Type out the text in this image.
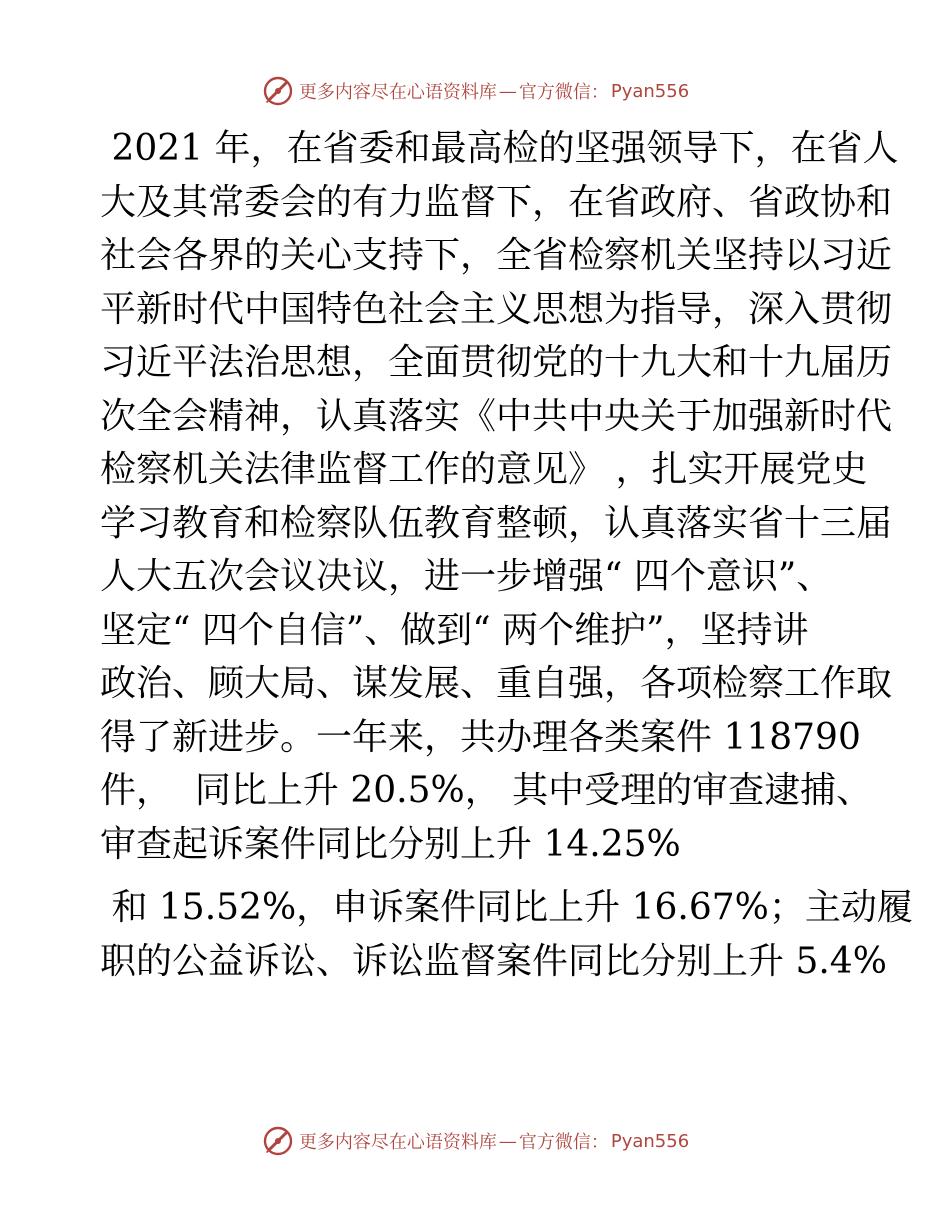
更多内容尽在心语资料库 — 官方微信： Pyan556
2021 年，在省委和最高检的坚强领导下，在省人
大及其常委会的有力监督下，在省政府、省政协和
社会各界的关心支持下，全省检察机关坚持以习近
平新时代中国特色社会主义思想为指导，深入贯彻
习近平法治思想，全面贯彻党的十九大和十九届历
次全会精神，认真落实《中共中央关于加强新时代
检察机关法律监督工作的意见》 ，扎实开展党史
学习教育和检察队伍教育整顿，认真落实省十三届
人大五次会议决议，进一步增强“ 四个意识”、
坚定“ 四个自信”、做到“ 两个维护”，坚持讲
政治、顾大局、谋发展、重自强，各项检察工作取
得了新进步。一年来，共办理各类案件 118790
件，  同比上升 20.5%， 其中受理的审查逮捕、
审查起诉案件同比分别上升 14.25%
和 15.52%，申诉案件同比上升 16.67%；主动履
职的公益诉讼、诉讼监督案件同比分别上升 5.4%
更多内容尽在心语资料库 — 官方微信： Pyan556
